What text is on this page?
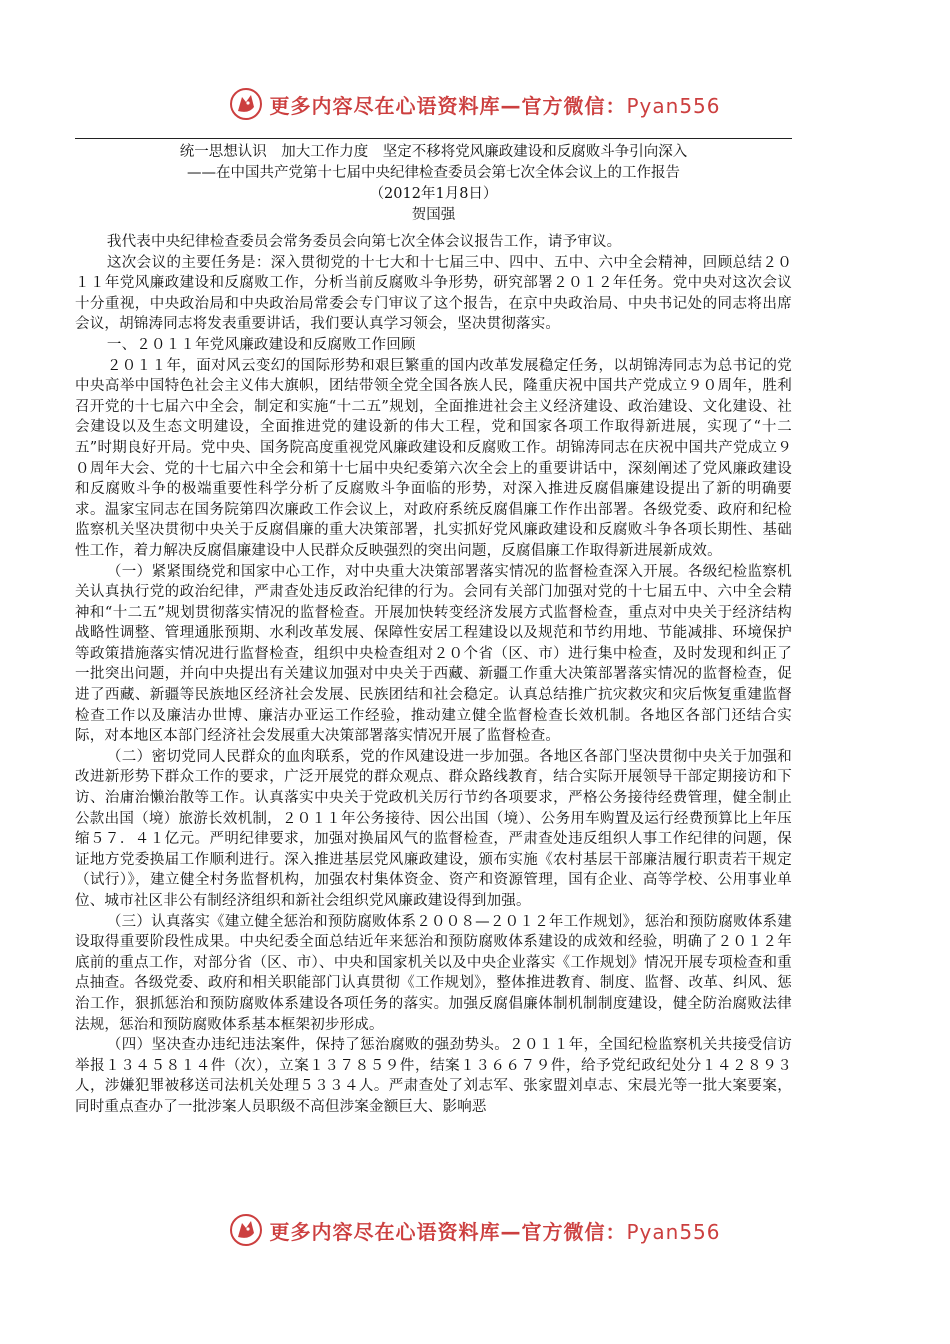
更多内容尽在心语资料库—官方微信：Pyan556
统一思想认识　加大工作力度　坚定不移将党风廉政建设和反腐败斗争引向深入
——在中国共产党第十七届中央纪律检查委员会第七次全体会议上的工作报告
（2012年1月8日）
贺国强

我代表中央纪律检查委员会常务委员会向第七次全体会议报告工作，请予审议。

这次会议的主要任务是：深入贯彻党的十七大和十七届三中、四中、五中、六中全会精神，回顾总结２０１１年党风廉政建设和反腐败工作，分析当前反腐败斗争形势，研究部署２０１２年任务。党中央对这次会议十分重视，中央政治局和中央政治局常委会专门审议了这个报告，在京中央政治局、中央书记处的同志将出席会议，胡锦涛同志将发表重要讲话，我们要认真学习领会，坚决贯彻落实。

一、２０１１年党风廉政建设和反腐败工作回顾

２０１１年，面对风云变幻的国际形势和艰巨繁重的国内改革发展稳定任务，以胡锦涛同志为总书记的党中央高举中国特色社会主义伟大旗帜，团结带领全党全国各族人民，隆重庆祝中国共产党成立９０周年，胜利召开党的十七届六中全会，制定和实施“十二五”规划，全面推进社会主义经济建设、政治建设、文化建设、社会建设以及生态文明建设，全面推进党的建设新的伟大工程，党和国家各项工作取得新进展，实现了“十二五”时期良好开局。党中央、国务院高度重视党风廉政建设和反腐败工作。胡锦涛同志在庆祝中国共产党成立９０周年大会、党的十七届六中全会和第十七届中央纪委第六次全会上的重要讲话中，深刻阐述了党风廉政建设和反腐败斗争的极端重要性科学分析了反腐败斗争面临的形势，对深入推进反腐倡廉建设提出了新的明确要求。温家宝同志在国务院第四次廉政工作会议上，对政府系统反腐倡廉工作作出部署。各级党委、政府和纪检监察机关坚决贯彻中央关于反腐倡廉的重大决策部署，扎实抓好党风廉政建设和反腐败斗争各项长期性、基础性工作，着力解决反腐倡廉建设中人民群众反映强烈的突出问题，反腐倡廉工作取得新进展新成效。

（一）紧紧围绕党和国家中心工作，对中央重大决策部署落实情况的监督检查深入开展。各级纪检监察机关认真执行党的政治纪律，严肃查处违反政治纪律的行为。会同有关部门加强对党的十七届五中、六中全会精神和“十二五”规划贯彻落实情况的监督检查。开展加快转变经济发展方式监督检查，重点对中央关于经济结构战略性调整、管理通胀预期、水利改革发展、保障性安居工程建设以及规范和节约用地、节能减排、环境保护等政策措施落实情况进行监督检查，组织中央检查组对２０个省（区、市）进行集中检查，及时发现和纠正了一批突出问题，并向中央提出有关建议加强对中央关于西藏、新疆工作重大决策部署落实情况的监督检查，促进了西藏、新疆等民族地区经济社会发展、民族团结和社会稳定。认真总结推广抗灾救灾和灾后恢复重建监督检查工作以及廉洁办世博、廉洁办亚运工作经验，推动建立健全监督检查长效机制。各地区各部门还结合实际，对本地区本部门经济社会发展重大决策部署落实情况开展了监督检查。

（二）密切党同人民群众的血肉联系，党的作风建设进一步加强。各地区各部门坚决贯彻中央关于加强和改进新形势下群众工作的要求，广泛开展党的群众观点、群众路线教育，结合实际开展领导干部定期接访和下访、治庸治懒治散等工作。认真落实中央关于党政机关厉行节约各项要求，严格公务接待经费管理，健全制止公款出国（境）旅游长效机制，２０１１年公务接待、因公出国（境）、公务用车购置及运行经费预算比上年压缩５７．４１亿元。严明纪律要求，加强对换届风气的监督检查，严肃查处违反组织人事工作纪律的问题，保证地方党委换届工作顺利进行。深入推进基层党风廉政建设，颁布实施《农村基层干部廉洁履行职责若干规定（试行）》，建立健全村务监督机构，加强农村集体资金、资产和资源管理，国有企业、高等学校、公用事业单位、城市社区非公有制经济组织和新社会组织党风廉政建设得到加强。

（三）认真落实《建立健全惩治和预防腐败体系２００８—２０１２年工作规划》，惩治和预防腐败体系建设取得重要阶段性成果。中央纪委全面总结近年来惩治和预防腐败体系建设的成效和经验，明确了２０１２年底前的重点工作，对部分省（区、市）、中央和国家机关以及中央企业落实《工作规划》情况开展专项检查和重点抽查。各级党委、政府和相关职能部门认真贯彻《工作规划》，整体推进教育、制度、监督、改革、纠风、惩治工作，狠抓惩治和预防腐败体系建设各项任务的落实。加强反腐倡廉体制机制制度建设，健全防治腐败法律法规，惩治和预防腐败体系基本框架初步形成。

（四）坚决查办违纪违法案件，保持了惩治腐败的强劲势头。２０１１年，全国纪检监察机关共接受信访举报１３４５８１４件（次），立案１３７８５９件，结案１３６６７９件，给予党纪政纪处分１４２８９３人，涉嫌犯罪被移送司法机关处理５３３４人。严肃查处了刘志军、张家盟刘卓志、宋晨光等一批大案要案，同时重点查办了一批涉案人员职级不高但涉案金额巨大、影响恶

更多内容尽在心语资料库—官方微信：Pyan556
